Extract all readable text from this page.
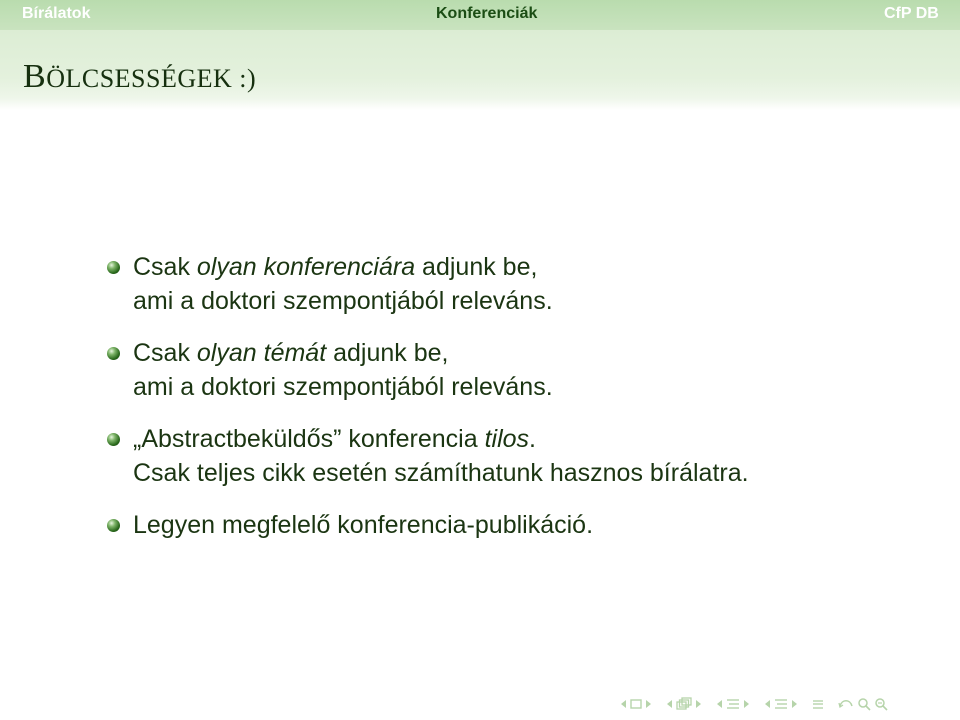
Bírálatok	Konferenciák	CfP DB
BÖLCSESSÉGEK :)
Csak olyan konferenciára adjunk be,
ami a doktori szempontjából releváns.
Csak olyan témát adjunk be,
ami a doktori szempontjából releváns.
„Abstractbeküldős” konferencia tilos.
Csak teljes cikk esetén számíthatunk hasznos bírálatra.
Legyen megfelelő konferencia-publikáció.
